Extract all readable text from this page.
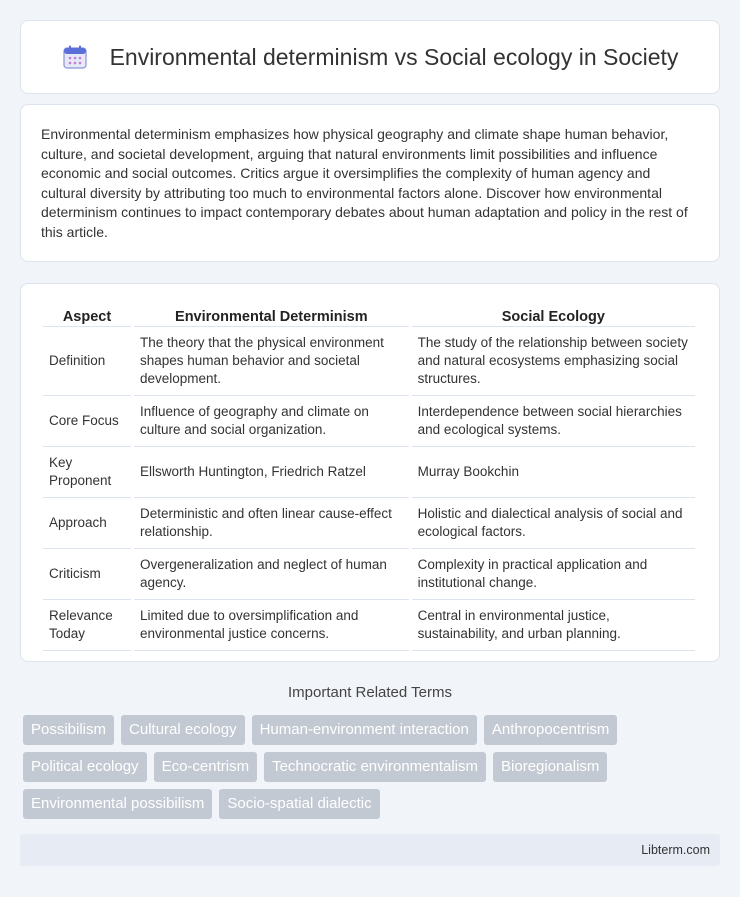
Environmental determinism vs Social ecology in Society

Environmental determinism emphasizes how physical geography and climate shape human behavior, culture, and societal development, arguing that natural environments limit possibilities and influence economic and social outcomes. Critics argue it oversimplifies the complexity of human agency and cultural diversity by attributing too much to environmental factors alone. Discover how environmental determinism continues to impact contemporary debates about human adaptation and policy in the rest of this article.

Aspect	Environmental Determinism	Social Ecology
Definition	The theory that the physical environment shapes human behavior and societal development.	The study of the relationship between society and natural ecosystems emphasizing social structures.
Core Focus	Influence of geography and climate on culture and social organization.	Interdependence between social hierarchies and ecological systems.
Key Proponent	Ellsworth Huntington, Friedrich Ratzel	Murray Bookchin
Approach	Deterministic and often linear cause-effect relationship.	Holistic and dialectical analysis of social and ecological factors.
Criticism	Overgeneralization and neglect of human agency.	Complexity in practical application and institutional change.
Relevance Today	Limited due to oversimplification and environmental justice concerns.	Central in environmental justice, sustainability, and urban planning.
Important Related Terms
Possibilism	Cultural ecology	Human-environment interaction	Anthropocentrism
Political ecology	Eco-centrism	Technocratic environmentalism	Bioregionalism
Environmental possibilism	Socio-spatial dialectic
Libterm.com
